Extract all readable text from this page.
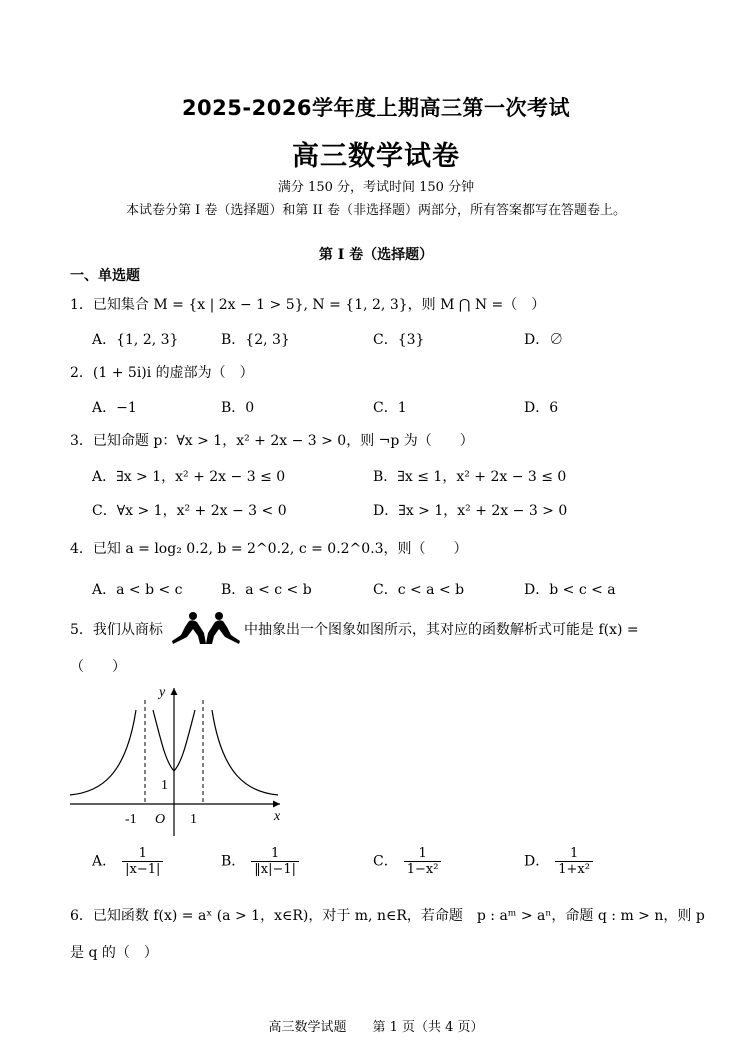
2025-2026学年度上期高三第一次考试
高三数学试卷
满分 150 分，考试时间 150 分钟
本试卷分第 I 卷（选择题）和第 II 卷（非选择题）两部分，所有答案都写在答题卷上。
第 I 卷（选择题）
一、单选题
1．已知集合 M = {x | 2x − 1 > 5}, N = {1, 2, 3}，则 M ⋂ N =（　）
A．{1, 2, 3}	B．{2, 3}	C．{3}	D．∅
2．(1 + 5i)i 的虚部为（　）
A．−1	B．0	C．1	D．6
3．已知命题 p：∀x > 1，x² + 2x − 3 > 0，则 ¬p 为（　　）
A．∃x > 1，x² + 2x − 3 ≤ 0	B．∃x ≤ 1，x² + 2x − 3 ≤ 0
C．∀x > 1，x² + 2x − 3 < 0	D．∃x > 1，x² + 2x − 3 > 0
4．已知 a = log₂ 0.2, b = 2^0.2, c = 0.2^0.3，则（　　）
A．a < b < c	B．a < c < b	C．c < a < b	D．b < c < a
5．我们从商标	中抽象出一个图象如图所示，其对应的函数解析式可能是 f(x) =
（　　）
y
x
1
-1 O 1
A． $\frac{1}{|x-1|}$	B． $\frac{1}{‖x|-1|}$	C． $\frac{1}{\text{1−x²}}$	D． $\frac{1}{\text{1+x²}}$
6．已知函数 f(x) = aˣ (a > 1，x∈R)，对于 m, n∈R，若命题　p : aᵐ > aⁿ，命题 q : m > n，则 p
是 q 的（　）
高三数学试题　　第 1 页（共 4 页）
